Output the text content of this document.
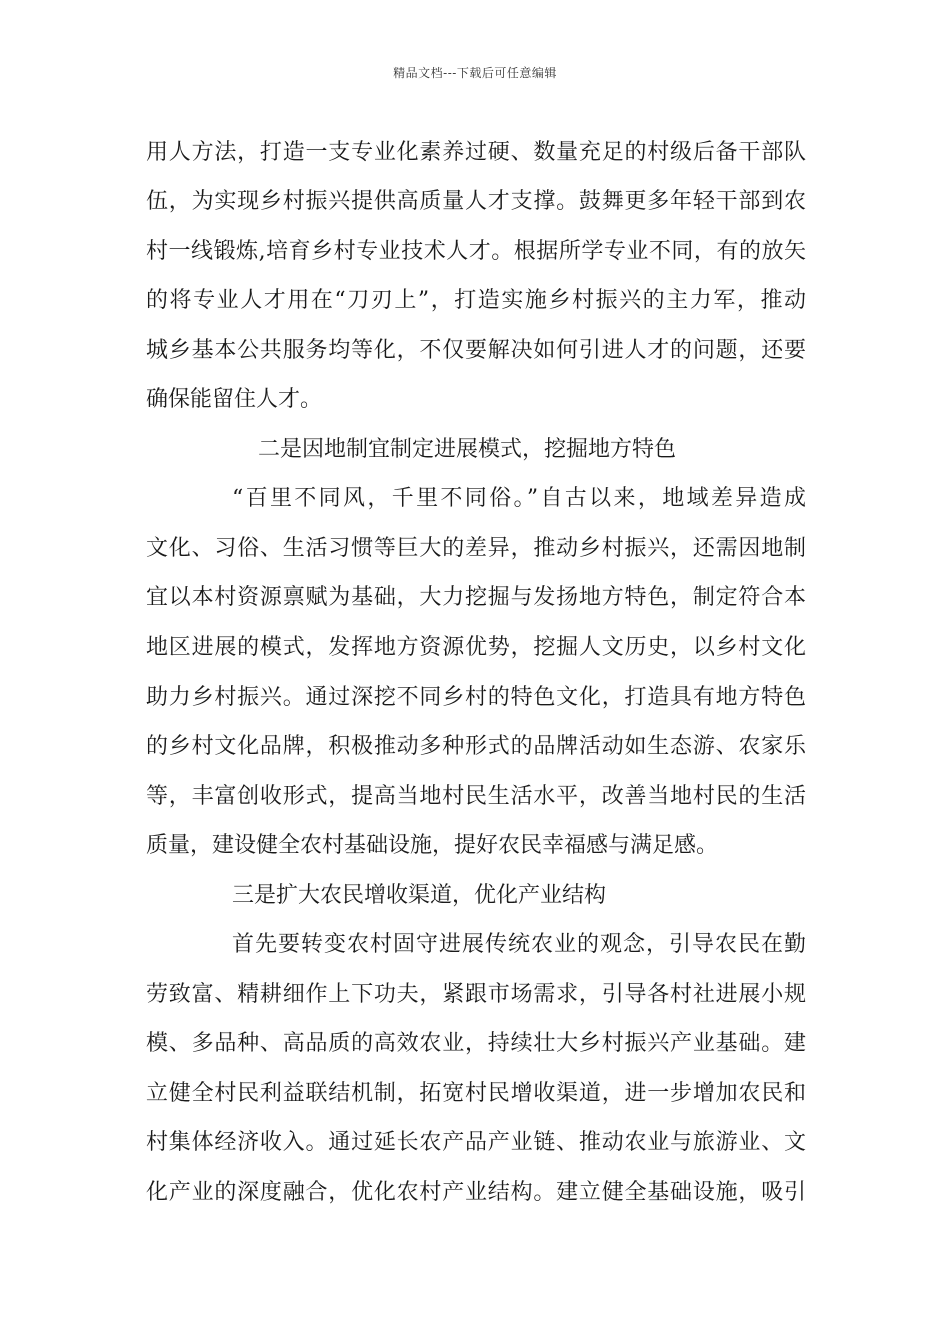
精品文档---下载后可任意编辑
用人方法，打造一支专业化素养过硬、数量充足的村级后备干部队
伍，为实现乡村振兴提供高质量人才支撑。鼓舞更多年轻干部到农
村一线锻炼,培育乡村专业技术人才。根据所学专业不同，有的放矢
的将专业人才用在“刀刃上”，打造实施乡村振兴的主力军，推动
城乡基本公共服务均等化，不仅要解决如何引进人才的问题，还要
确保能留住人才。
二是因地制宜制定进展模式，挖掘地方特色
“百里不同风，千里不同俗。”自古以来，地域差异造成
文化、习俗、生活习惯等巨大的差异，推动乡村振兴，还需因地制
宜以本村资源禀赋为基础，大力挖掘与发扬地方特色，制定符合本
地区进展的模式，发挥地方资源优势，挖掘人文历史，以乡村文化
助力乡村振兴。通过深挖不同乡村的特色文化，打造具有地方特色
的乡村文化品牌，积极推动多种形式的品牌活动如生态游、农家乐
等，丰富创收形式，提高当地村民生活水平，改善当地村民的生活
质量，建设健全农村基础设施，提好农民幸福感与满足感。
三是扩大农民增收渠道，优化产业结构
首先要转变农村固守进展传统农业的观念，引导农民在勤
劳致富、精耕细作上下功夫，紧跟市场需求，引导各村社进展小规
模、多品种、高品质的高效农业，持续壮大乡村振兴产业基础。建
立健全村民利益联结机制，拓宽村民增收渠道，进一步增加农民和
村集体经济收入。通过延长农产品产业链、推动农业与旅游业、文
化产业的深度融合，优化农村产业结构。建立健全基础设施，吸引
